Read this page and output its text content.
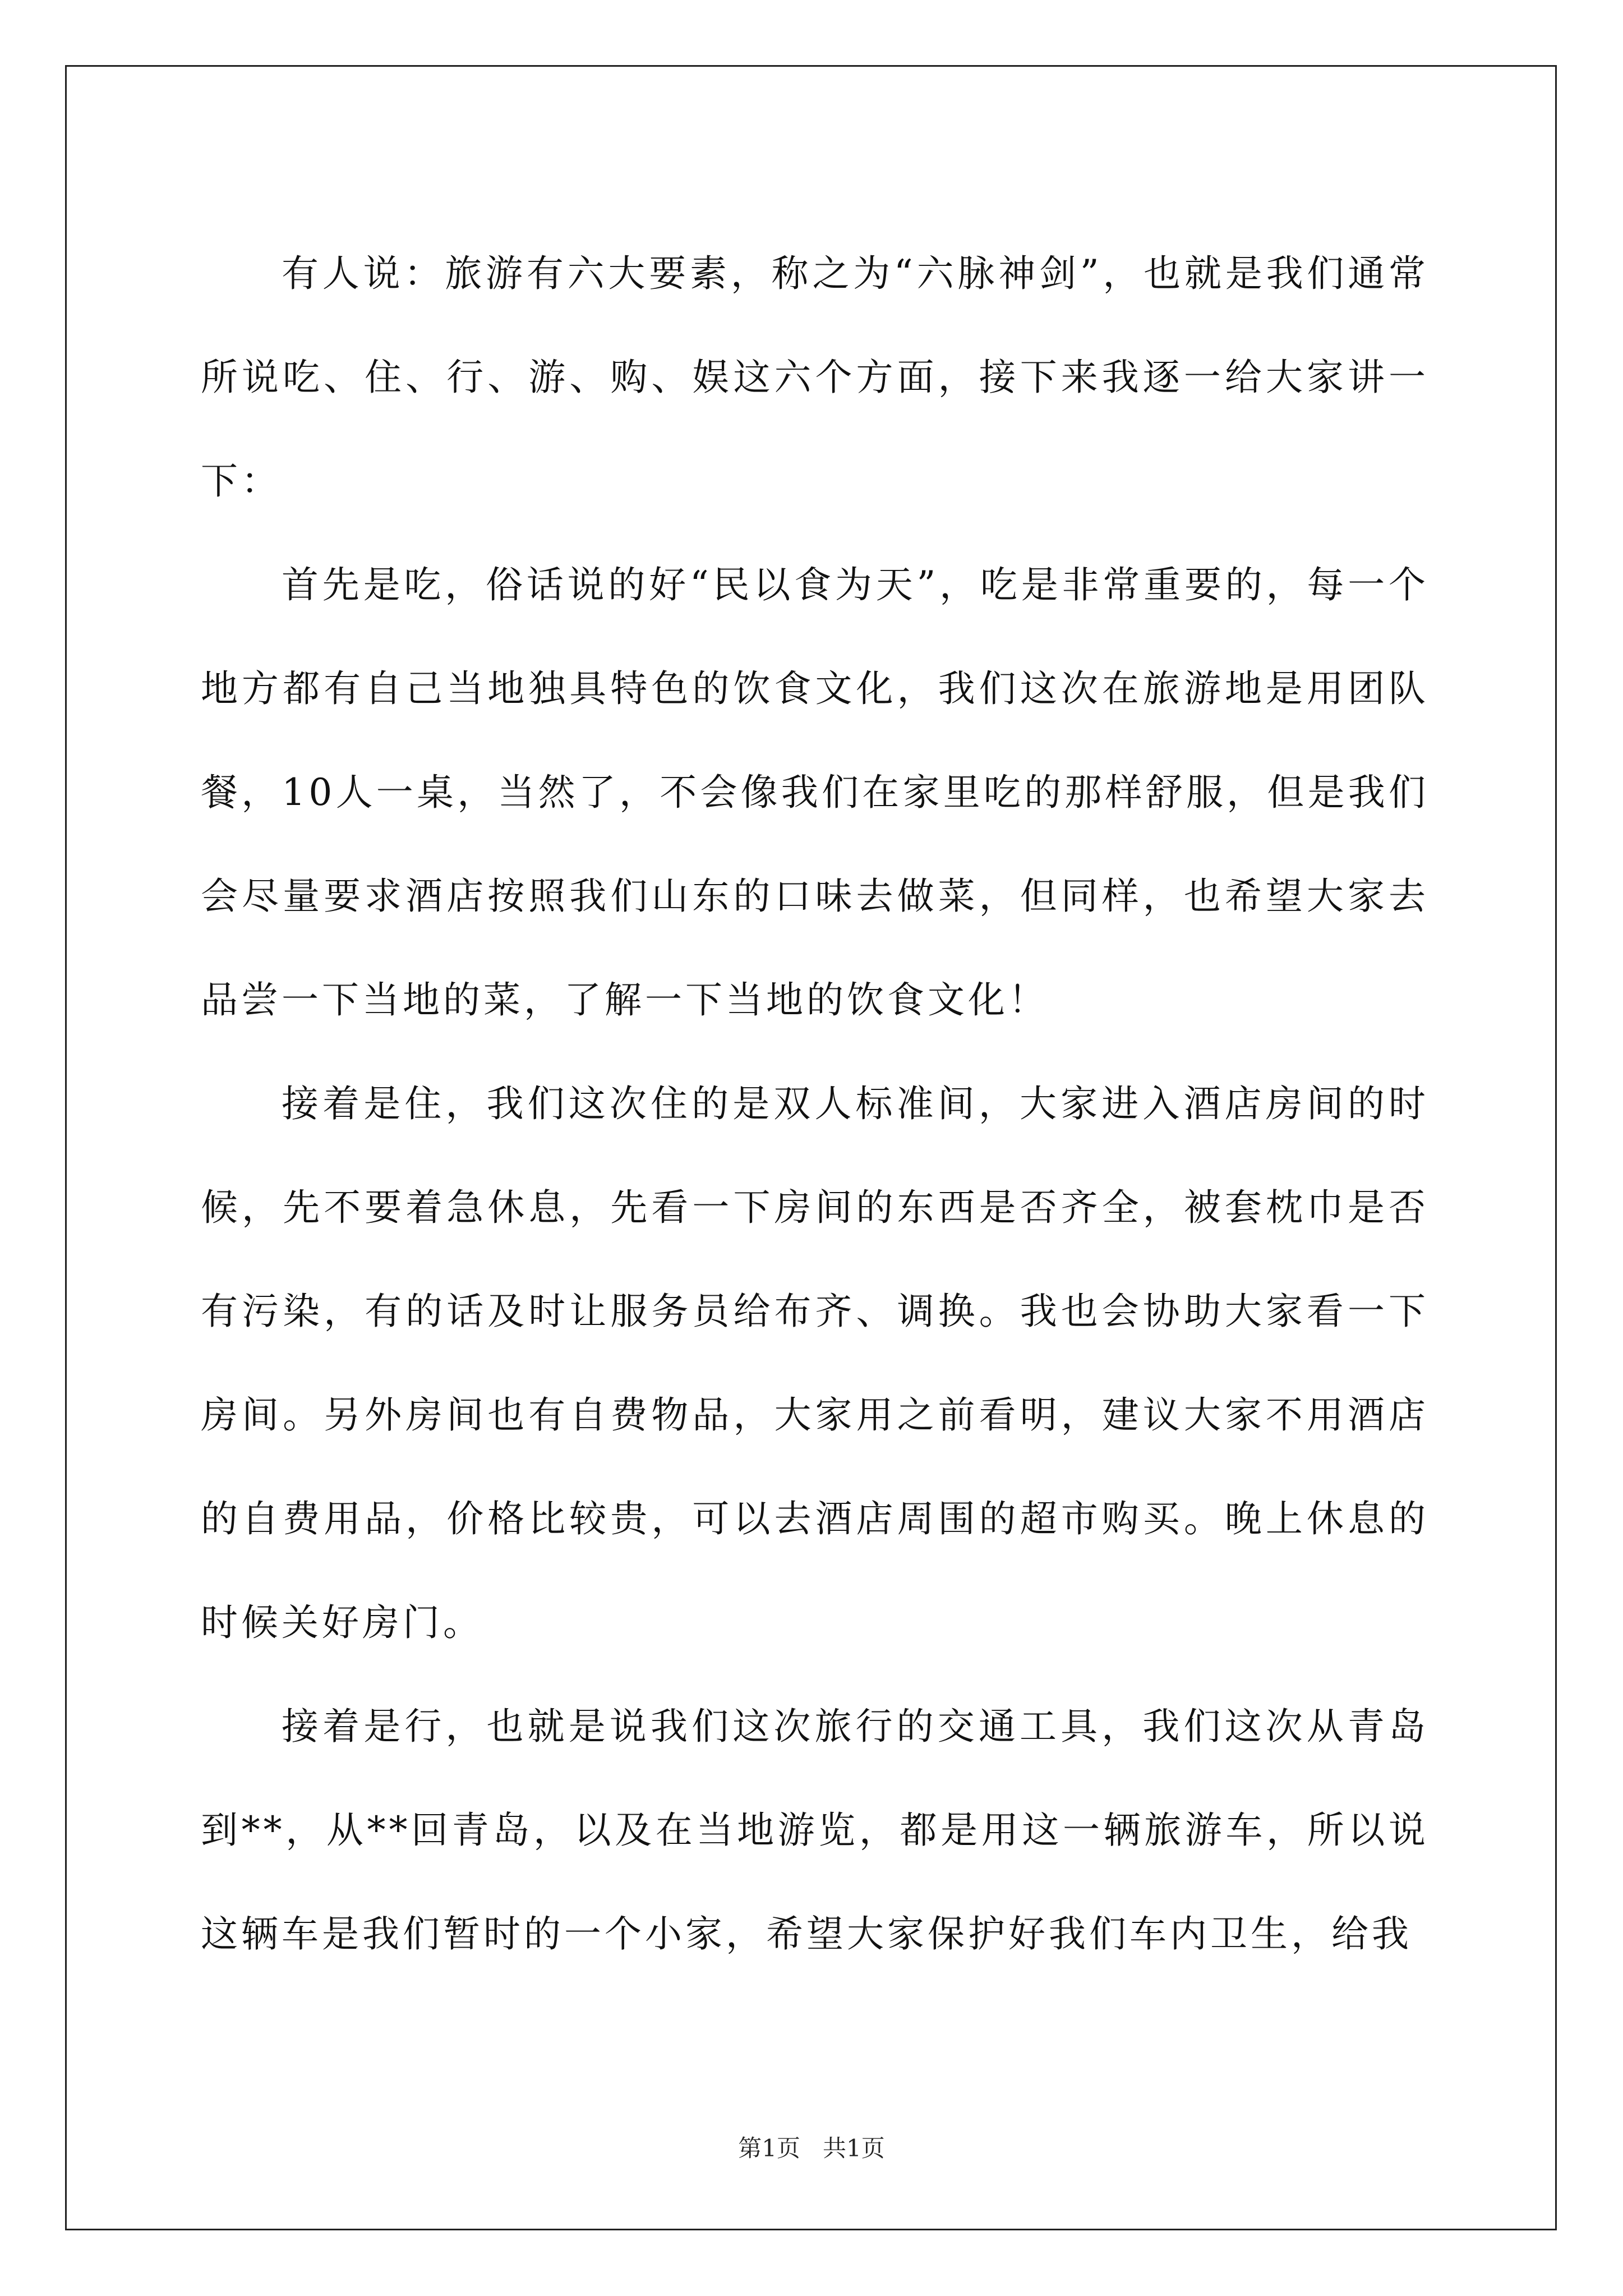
有人说：旅游有六大要素，称之为“六脉神剑”，也就是我们通常所说吃、住、行、游、购、娱这六个方面，接下来我逐一给大家讲一下：

首先是吃，俗话说的好“民以食为天”，吃是非常重要的，每一个地方都有自己当地独具特色的饮食文化，我们这次在旅游地是用团队餐，10人一桌，当然了，不会像我们在家里吃的那样舒服，但是我们会尽量要求酒店按照我们山东的口味去做菜，但同样，也希望大家去品尝一下当地的菜，了解一下当地的饮食文化！

接着是住，我们这次住的是双人标准间，大家进入酒店房间的时候，先不要着急休息，先看一下房间的东西是否齐全，被套枕巾是否有污染，有的话及时让服务员给布齐、调换。我也会协助大家看一下房间。另外房间也有自费物品，大家用之前看明，建议大家不用酒店的自费用品，价格比较贵，可以去酒店周围的超市购买。晚上休息的时候关好房门。

接着是行，也就是说我们这次旅行的交通工具，我们这次从青岛到**，从**回青岛，以及在当地游览，都是用这一辆旅游车，所以说这辆车是我们暂时的一个小家，希望大家保护好我们车内卫生，给我

第1页 共1页
